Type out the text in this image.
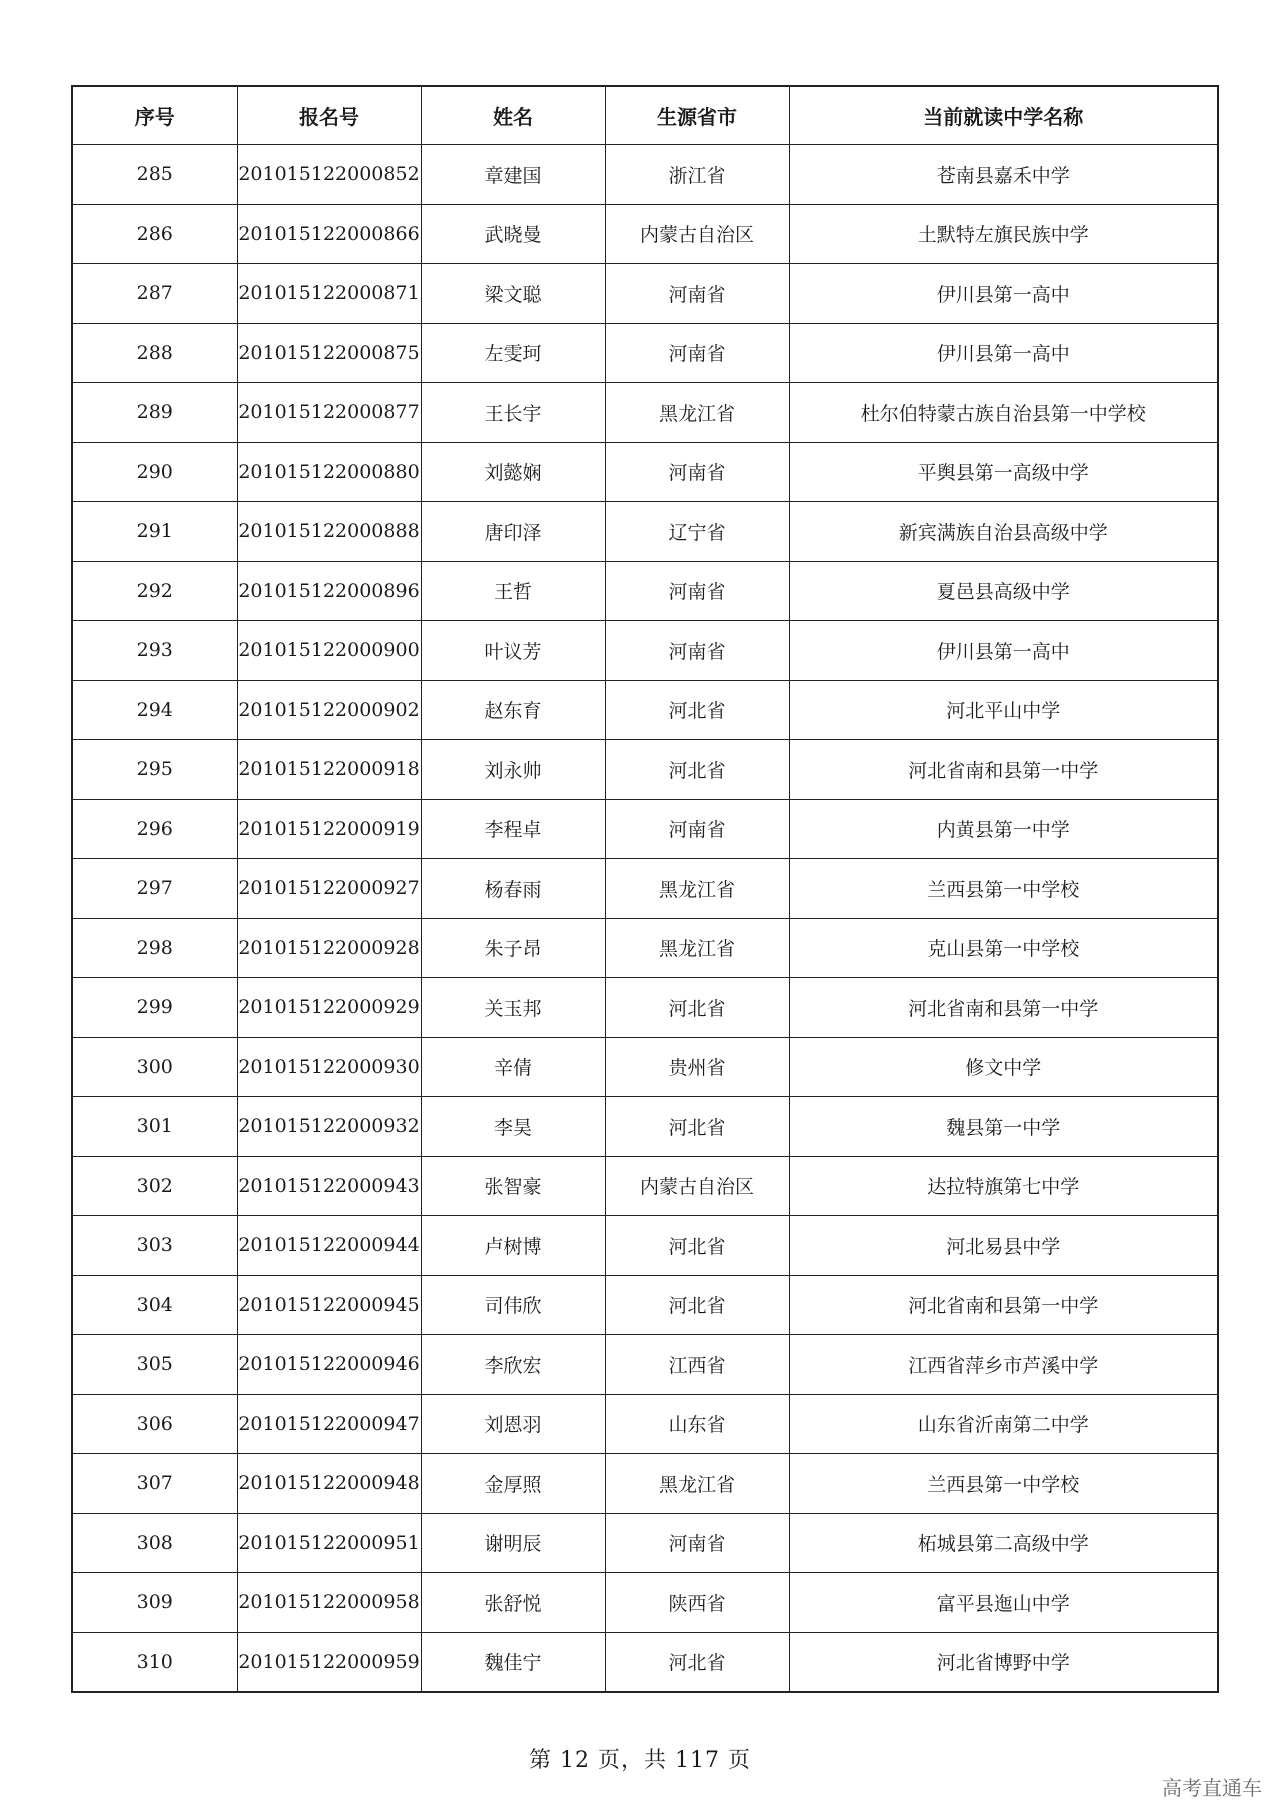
序号	报名号	姓名	生源省市	当前就读中学名称
285	201015122000852	章建国	浙江省	苍南县嘉禾中学
286	201015122000866	武晓曼	内蒙古自治区	土默特左旗民族中学
287	201015122000871	梁文聪	河南省	伊川县第一高中
288	201015122000875	左雯珂	河南省	伊川县第一高中
289	201015122000877	王长宇	黑龙江省	杜尔伯特蒙古族自治县第一中学校
290	201015122000880	刘懿娴	河南省	平舆县第一高级中学
291	201015122000888	唐印泽	辽宁省	新宾满族自治县高级中学
292	201015122000896	王哲	河南省	夏邑县高级中学
293	201015122000900	叶议芳	河南省	伊川县第一高中
294	201015122000902	赵东育	河北省	河北平山中学
295	201015122000918	刘永帅	河北省	河北省南和县第一中学
296	201015122000919	李程卓	河南省	内黄县第一中学
297	201015122000927	杨春雨	黑龙江省	兰西县第一中学校
298	201015122000928	朱子昂	黑龙江省	克山县第一中学校
299	201015122000929	关玉邦	河北省	河北省南和县第一中学
300	201015122000930	辛倩	贵州省	修文中学
301	201015122000932	李昊	河北省	魏县第一中学
302	201015122000943	张智豪	内蒙古自治区	达拉特旗第七中学
303	201015122000944	卢树博	河北省	河北易县中学
304	201015122000945	司伟欣	河北省	河北省南和县第一中学
305	201015122000946	李欣宏	江西省	江西省萍乡市芦溪中学
306	201015122000947	刘恩羽	山东省	山东省沂南第二中学
307	201015122000948	金厚照	黑龙江省	兰西县第一中学校
308	201015122000951	谢明辰	河南省	柘城县第二高级中学
309	201015122000958	张舒悦	陕西省	富平县迤山中学
310	201015122000959	魏佳宁	河北省	河北省博野中学
第 12 页，共 117 页
高考直通车
